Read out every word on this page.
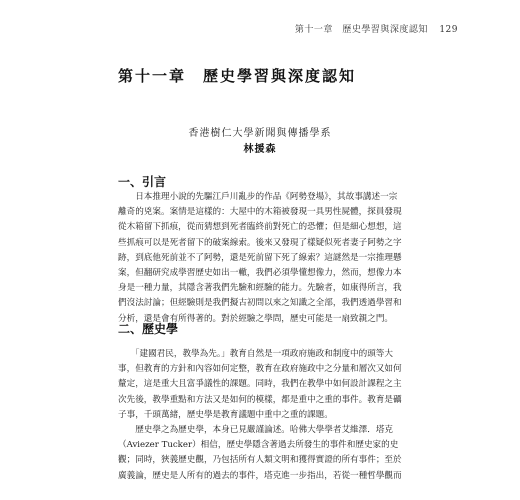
第十一章　歷史學習與深度認知 129
第十一章　歷史學習與深度認知
香港樹仁大學新聞與傳播學系
林援森
一、引言
　　日本推理小說的先驅江戶川亂步的作品《阿勢登場》，其故事講述一宗
離奇的兇案。案情是這樣的：大屋中的木箱被發現一具男性屍體，探員發現
從木箱留下抓痕，從而猜想到死者臨終前對死亡的恐懼；但是細心想想，這
些抓痕可以是死者留下的破案線索。後來又發現了樣疑似死者妻子阿勢之字
跡，到底他死前並不了阿勢，還是死前留下死了線索？這謎然是一宗推理懸
案，但翻研究成學習歷史如出一轍，我們必須學懂想像力，然而，想像力本
身是一種力量，其隱含著我們先驗和經驗的能力。先驗者，如康得所言，我
們沒法討論；但經驗則是我們擬古初問以來之知識之全部，我們透過學習和
分析，還是會有所得著的。對於經驗之學問，歷史可能是一扇致親之門。
二、歷史學
　　「建國君民，教學為先。」教育自然是一項政府施政和制度中的頭等大
事，但教育的方針和內容如何定整，教育在政府施政中之分量和層次又如何
釐定，這是重大且富爭議性的課題。同時，我們在教學中如何設計課程之主
次先後，教學重點和方法又是如何的模樣，都是重中之重的事件。教育是礪
子事，千頭萬緒，歷史學是教育議題中重中之重的課題。
　　歷史學之為歷史學，本身已見嚴謹論述。哈佛大學學者艾維澤．塔克
（Aviezer Tucker）相信，歷史學隱含著過去所發生的事件和歷史家的史
觀；同時，狹義歷史觀，乃包括所有人類文明和獲得實證的所有事件；至於
廣義論，歷史是人所有的過去的事件，塔克進一步指出，若從一種哲學觀而
